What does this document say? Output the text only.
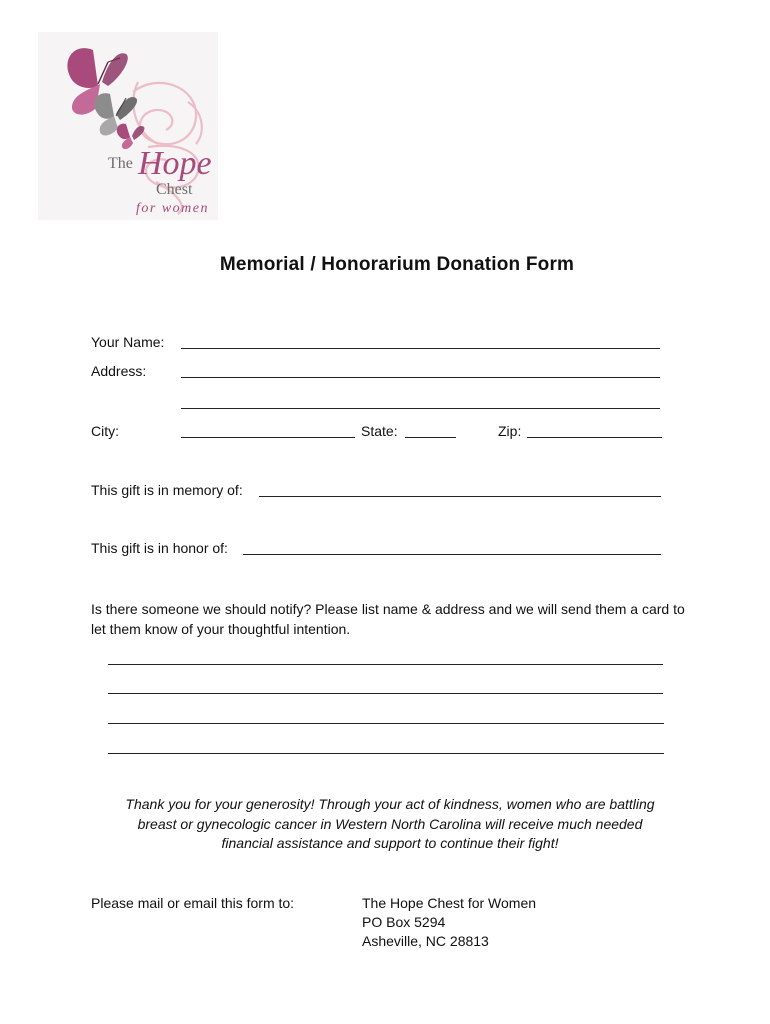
The Hope
Chest
for women
Memorial / Honorarium Donation Form
Your Name:
Address:
City:	State:	Zip:
This gift is in memory of:
This gift is in honor of:
Is there someone we should notify? Please list name & address and we will send them a card to let them know of your thoughtful intention.
Thank you for your generosity! Through your act of kindness, women who are battling
breast or gynecologic cancer in Western North Carolina will receive much needed
financial assistance and support to continue their fight!
Please mail or email this form to:	The Hope Chest for Women
PO Box 5294
Asheville, NC 28813
